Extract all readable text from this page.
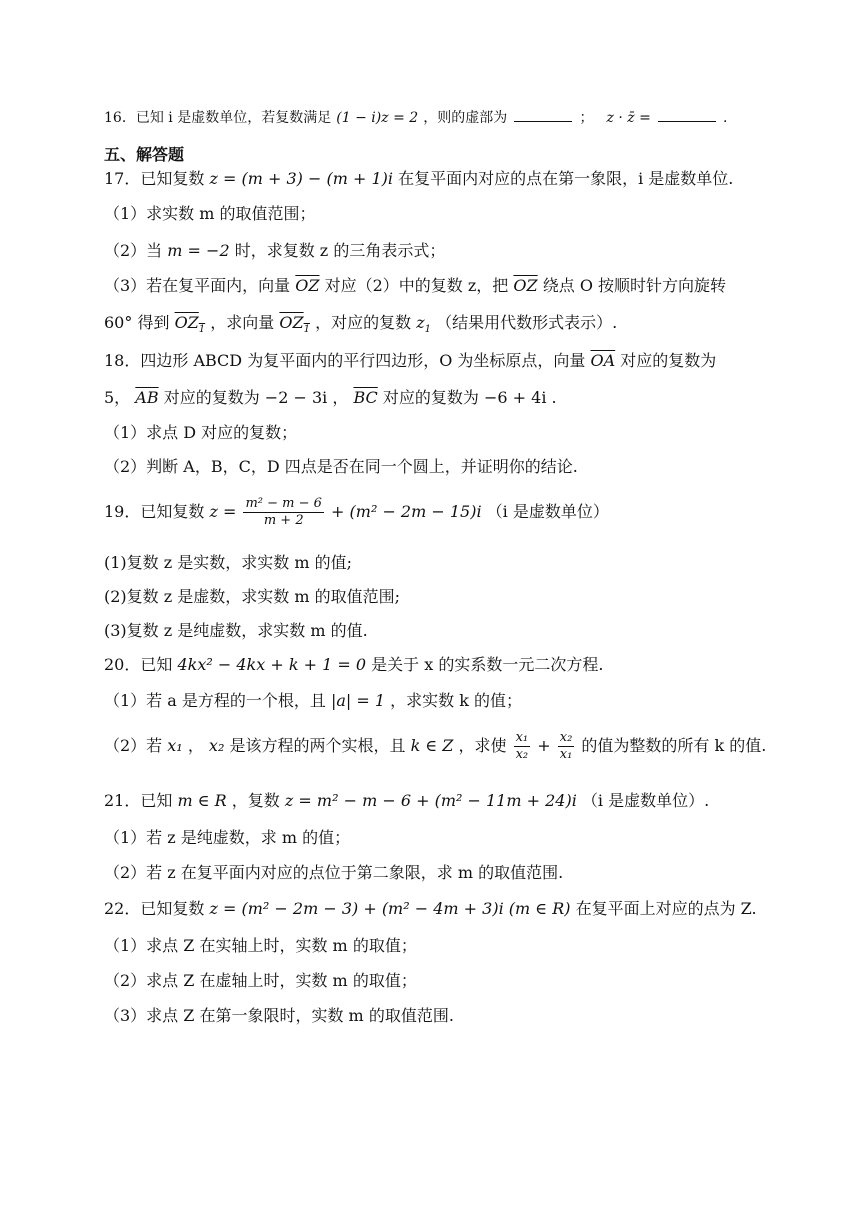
16．已知 i 是虚数单位，若复数满足 (1 − i)z = 2 ，则的虚部为	； z · z̄ =	.
五、解答题
17．已知复数 z = (m + 3) − (m + 1)i 在复平面内对应的点在第一象限，i 是虚数单位.
（1）求实数 m 的取值范围；
（2）当 m = −2 时，求复数 z 的三角表示式；
（3）若在复平面内，向量 $\overline{OZ}$ 对应（2）中的复数 z，把 $\overline{OZ}$ 绕点 O 按顺时针方向旋转
60° 得到 $OZ_1$ ，求向量 $OZ_1$ ，对应的复数 $z_1$ （结果用代数形式表示）.
18．四边形 ABCD 为复平面内的平行四边形，O 为坐标原点，向量 $\overline{OA}$ 对应的复数为
5， $\overline{AB}$ 对应的复数为 −2 − 3i ， $\overline{BC}$ 对应的复数为 −6 + 4i .
（1）求点 D 对应的复数；
（2）判断 A，B，C，D 四点是否在同一个圆上，并证明你的结论.
19．已知复数 $z = \frac{\text{m² − m − 6}}{m + 2} + (m^2 - 2m - 15)i$ （i 是虚数单位）
(1)复数 z 是实数，求实数 m 的值;
(2)复数 z 是虚数，求实数 m 的取值范围;
(3)复数 z 是纯虚数，求实数 m 的值.
20．已知 4kx² − 4kx + k + 1 = 0 是关于 x 的实系数一元二次方程.
（1）若 a 是方程的一个根，且 |a| = 1 ，求实数 k 的值；
（2）若 x₁ ， x₂ 是该方程的两个实根，且 k ∈ Z ，求使 $\frac{\text{x₁}}{\text{x₂}} + \frac{\text{x₂}}{\text{x₁}}$ 的值为整数的所有 k 的值.
21．已知 m ∈ R ，复数 z = m² − m − 6 + (m² − 11m + 24)i （i 是虚数单位）.
（1）若 z 是纯虚数，求 m 的值；
（2）若 z 在复平面内对应的点位于第二象限，求 m 的取值范围.
22．已知复数 z = (m² − 2m − 3) + (m² − 4m + 3)i (m ∈ R) 在复平面上对应的点为 Z.
（1）求点 Z 在实轴上时，实数 m 的取值；
（2）求点 Z 在虚轴上时，实数 m 的取值；
（3）求点 Z 在第一象限时，实数 m 的取值范围.
